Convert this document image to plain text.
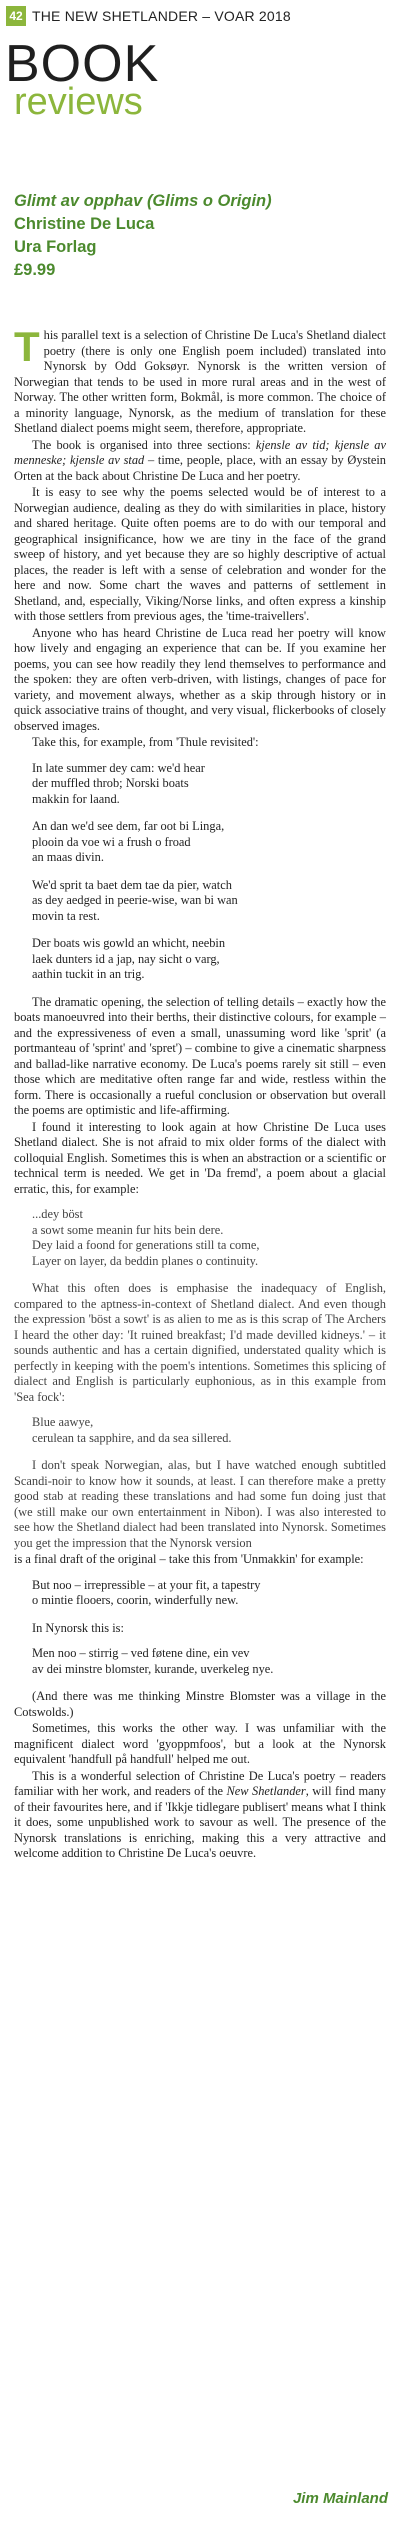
42 THE NEW SHETLANDER – VOAR 2018
BOOK
reviews
Glimt av opphav (Glims o Origin)
Christine De Luca
Ura Forlag
£9.99

This parallel text is a selection of Christine De Luca's Shetland dialect poetry (there is only one English poem included) translated into Nynorsk by Odd Goksøyr. Nynorsk is the written version of Norwegian that tends to be used in more rural areas and in the west of Norway. The other written form, Bokmål, is more common. The choice of a minority language, Nynorsk, as the medium of translation for these Shetland dialect poems might seem, therefore, appropriate.

The book is organised into three sections: kjensle av tid; kjensle av menneske; kjensle av stad – time, people, place, with an essay by Øystein Orten at the back about Christine De Luca and her poetry.

It is easy to see why the poems selected would be of interest to a Norwegian audience, dealing as they do with similarities in place, history and shared heritage. Quite often poems are to do with our temporal and geographical insignificance, how we are tiny in the face of the grand sweep of history, and yet because they are so highly descriptive of actual places, the reader is left with a sense of celebration and wonder for the here and now. Some chart the waves and patterns of settlement in Shetland, and, especially, Viking/Norse links, and often express a kinship with those settlers from previous ages, the 'time-traivellers'.

Anyone who has heard Christine de Luca read her poetry will know how lively and engaging an experience that can be. If you examine her poems, you can see how readily they lend themselves to performance and the spoken: they are often verb-driven, with listings, changes of pace for variety, and movement always, whether as a skip through history or in quick associative trains of thought, and very visual, flickerbooks of closely observed images.

Take this, for example, from 'Thule revisited':

In late summer dey cam: we'd hear
der muffled throb; Norski boats
makkin for laand.
An dan we'd see dem, far oot bi Linga,
plooin da voe wi a frush o froad
an maas divin.
We'd sprit ta baet dem tae da pier, watch
as dey aedged in peerie-wise, wan bi wan
movin ta rest.
Der boats wis gowld an whicht, neebin
laek dunters id a jap, nay sicht o varg,
aathin tuckit in an trig.

The dramatic opening, the selection of telling details – exactly how the boats manoeuvred into their berths, their distinctive colours, for example – and the expressiveness of even a small, unassuming word like 'sprit' (a portmanteau of 'sprint' and 'spret') – combine to give a cinematic sharpness and ballad-like narrative economy. De Luca's poems rarely sit still – even those which are meditative often range far and wide, restless within the form. There is occasionally a rueful conclusion or observation but overall the poems are optimistic and life-affirming.

I found it interesting to look again at how Christine De Luca uses Shetland dialect. She is not afraid to mix older forms of the dialect with colloquial English. Sometimes this is when an abstraction or a scientific or technical term is needed. We get in 'Da fremd', a poem about a glacial erratic, this, for example:

...dey böst
a sowt some meanin fur hits bein dere.
Dey laid a foond for generations still ta come,
Layer on layer, da beddin planes o continuity.

What this often does is emphasise the inadequacy of English, compared to the aptness-in-context of Shetland dialect. And even though the expression 'böst a sowt' is as alien to me as is this scrap of The Archers I heard the other day: 'It ruined breakfast; I'd made devilled kidneys.' – it sounds authentic and has a certain dignified, understated quality which is perfectly in keeping with the poem's intentions. Sometimes this splicing of dialect and English is particularly euphonious, as in this example from 'Sea fock':

Blue aawye,
cerulean ta sapphire, and da sea sillered.

I don't speak Norwegian, alas, but I have watched enough subtitled Scandi-noir to know how it sounds, at least. I can therefore make a pretty good stab at reading these translations and had some fun doing just that (we still make our own entertainment in Nibon). I was also interested to see how the Shetland dialect had been translated into Nynorsk. Sometimes you get the impression that the Nynorsk version

is a final draft of the original – take this from 'Unmakkin' for example:

But noo – irrepressible – at your fit, a tapestry
o mintie flooers, coorin, winderfully new.

In Nynorsk this is:

Men noo – stirrig – ved føtene dine, ein vev
av dei minstre blomster, kurande, uverkeleg nye.

(And there was me thinking Minstre Blomster was a village in the Cotswolds.)

Sometimes, this works the other way. I was unfamiliar with the magnificent dialect word 'gyoppmfoos', but a look at the Nynorsk equivalent 'handfull på handfull' helped me out.

This is a wonderful selection of Christine De Luca's poetry – readers familiar with her work, and readers of the New Shetlander, will find many of their favourites here, and if 'Ikkje tidlegare publisert' means what I think it does, some unpublished work to savour as well. The presence of the Nynorsk translations is enriching, making this a very attractive and welcome addition to Christine De Luca's oeuvre.

Jim Mainland
